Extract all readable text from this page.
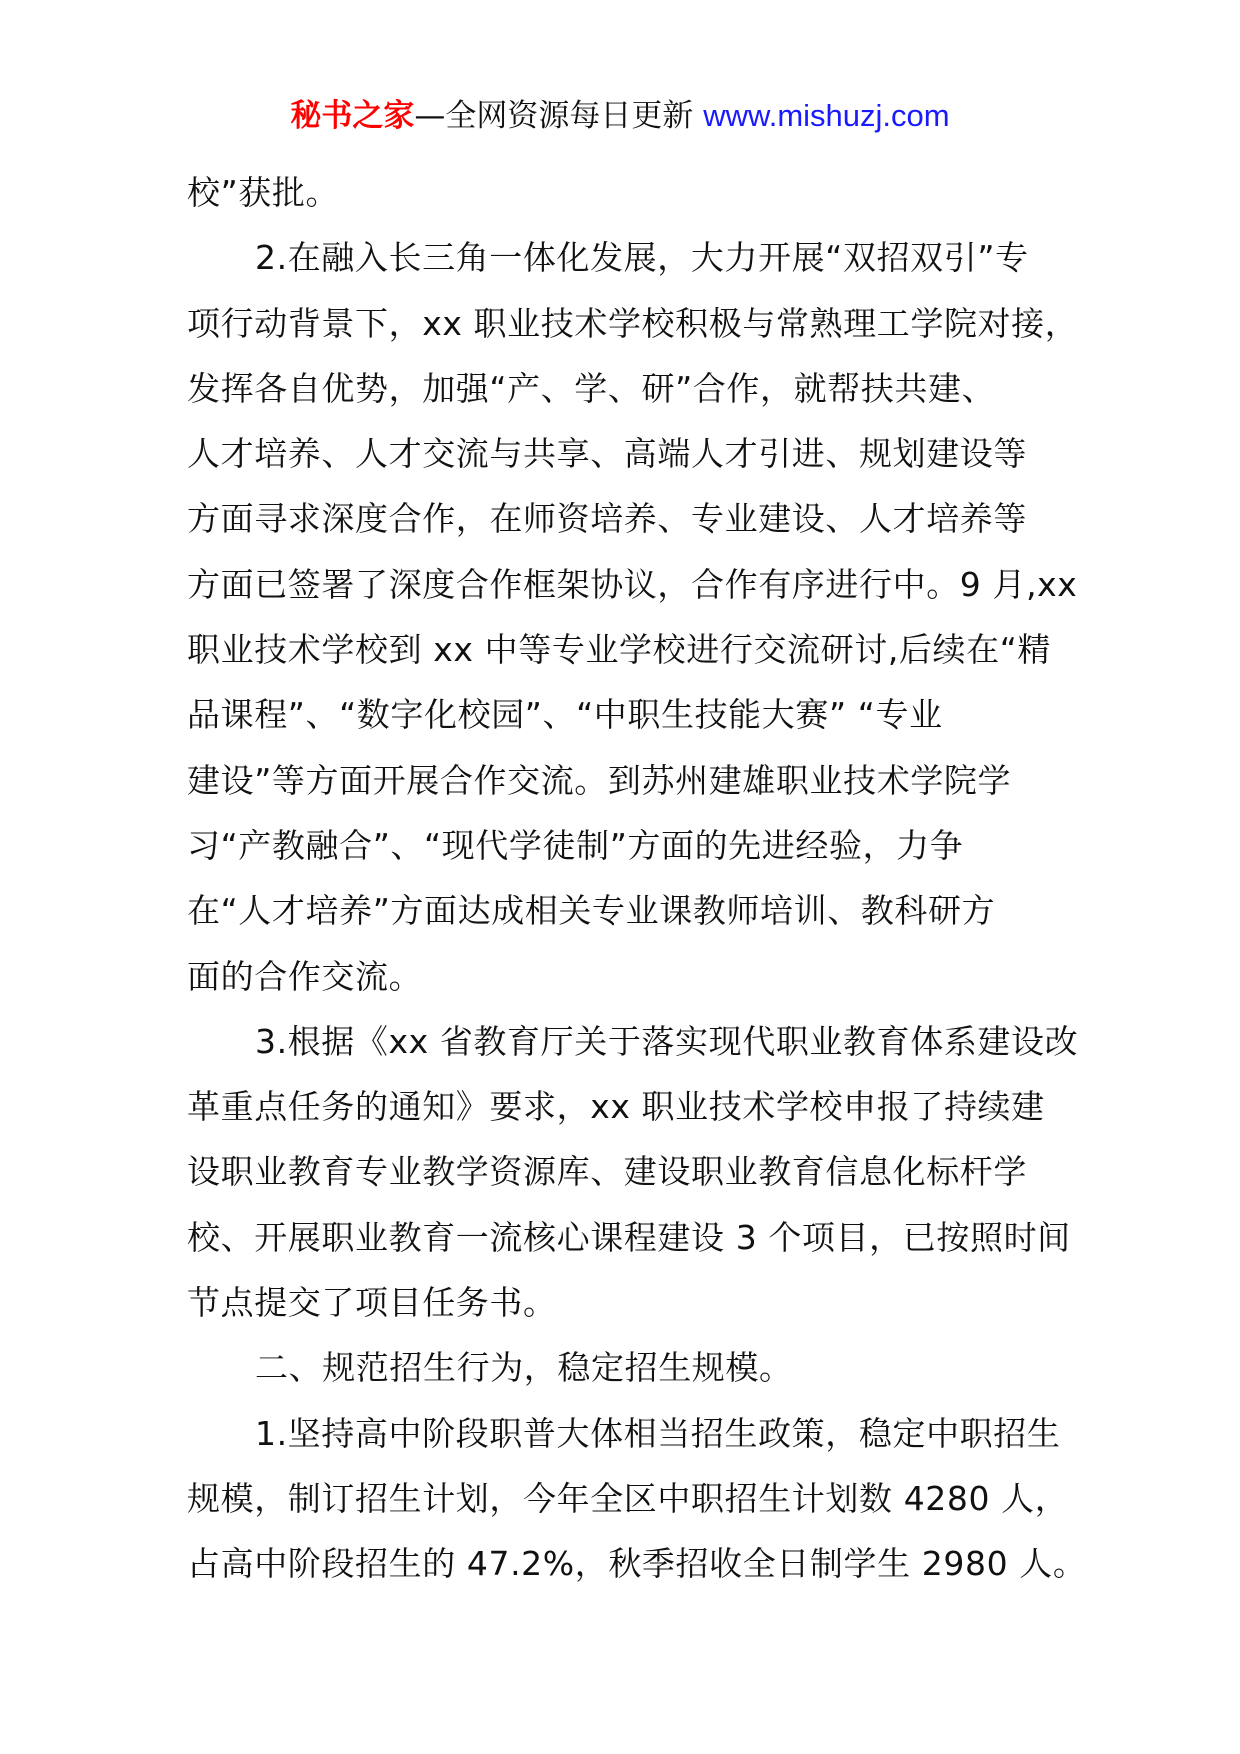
秘书之家—全网资源每日更新 www.mishuzj.com
校”获批。
2.在融入长三角一体化发展，大力开展“双招双引”专
项行动背景下，xx 职业技术学校积极与常熟理工学院对接，
发挥各自优势，加强“产、学、研”合作，就帮扶共建、
人才培养、人才交流与共享、高端人才引进、规划建设等
方面寻求深度合作，在师资培养、专业建设、人才培养等
方面已签署了深度合作框架协议，合作有序进行中。9 月,xx
职业技术学校到 xx 中等专业学校进行交流研讨,后续在“精
品课程”、“数字化校园”、“中职生技能大赛” “专业
建设”等方面开展合作交流。到苏州建雄职业技术学院学
习“产教融合”、“现代学徒制”方面的先进经验，力争
在“人才培养”方面达成相关专业课教师培训、教科研方
面的合作交流。
3.根据《xx 省教育厅关于落实现代职业教育体系建设改
革重点任务的通知》要求，xx 职业技术学校申报了持续建
设职业教育专业教学资源库、建设职业教育信息化标杆学
校、开展职业教育一流核心课程建设 3 个项目，已按照时间
节点提交了项目任务书。
二、规范招生行为，稳定招生规模。
1.坚持高中阶段职普大体相当招生政策，稳定中职招生
规模，制订招生计划，今年全区中职招生计划数 4280 人，
占高中阶段招生的 47.2%，秋季招收全日制学生 2980 人。
